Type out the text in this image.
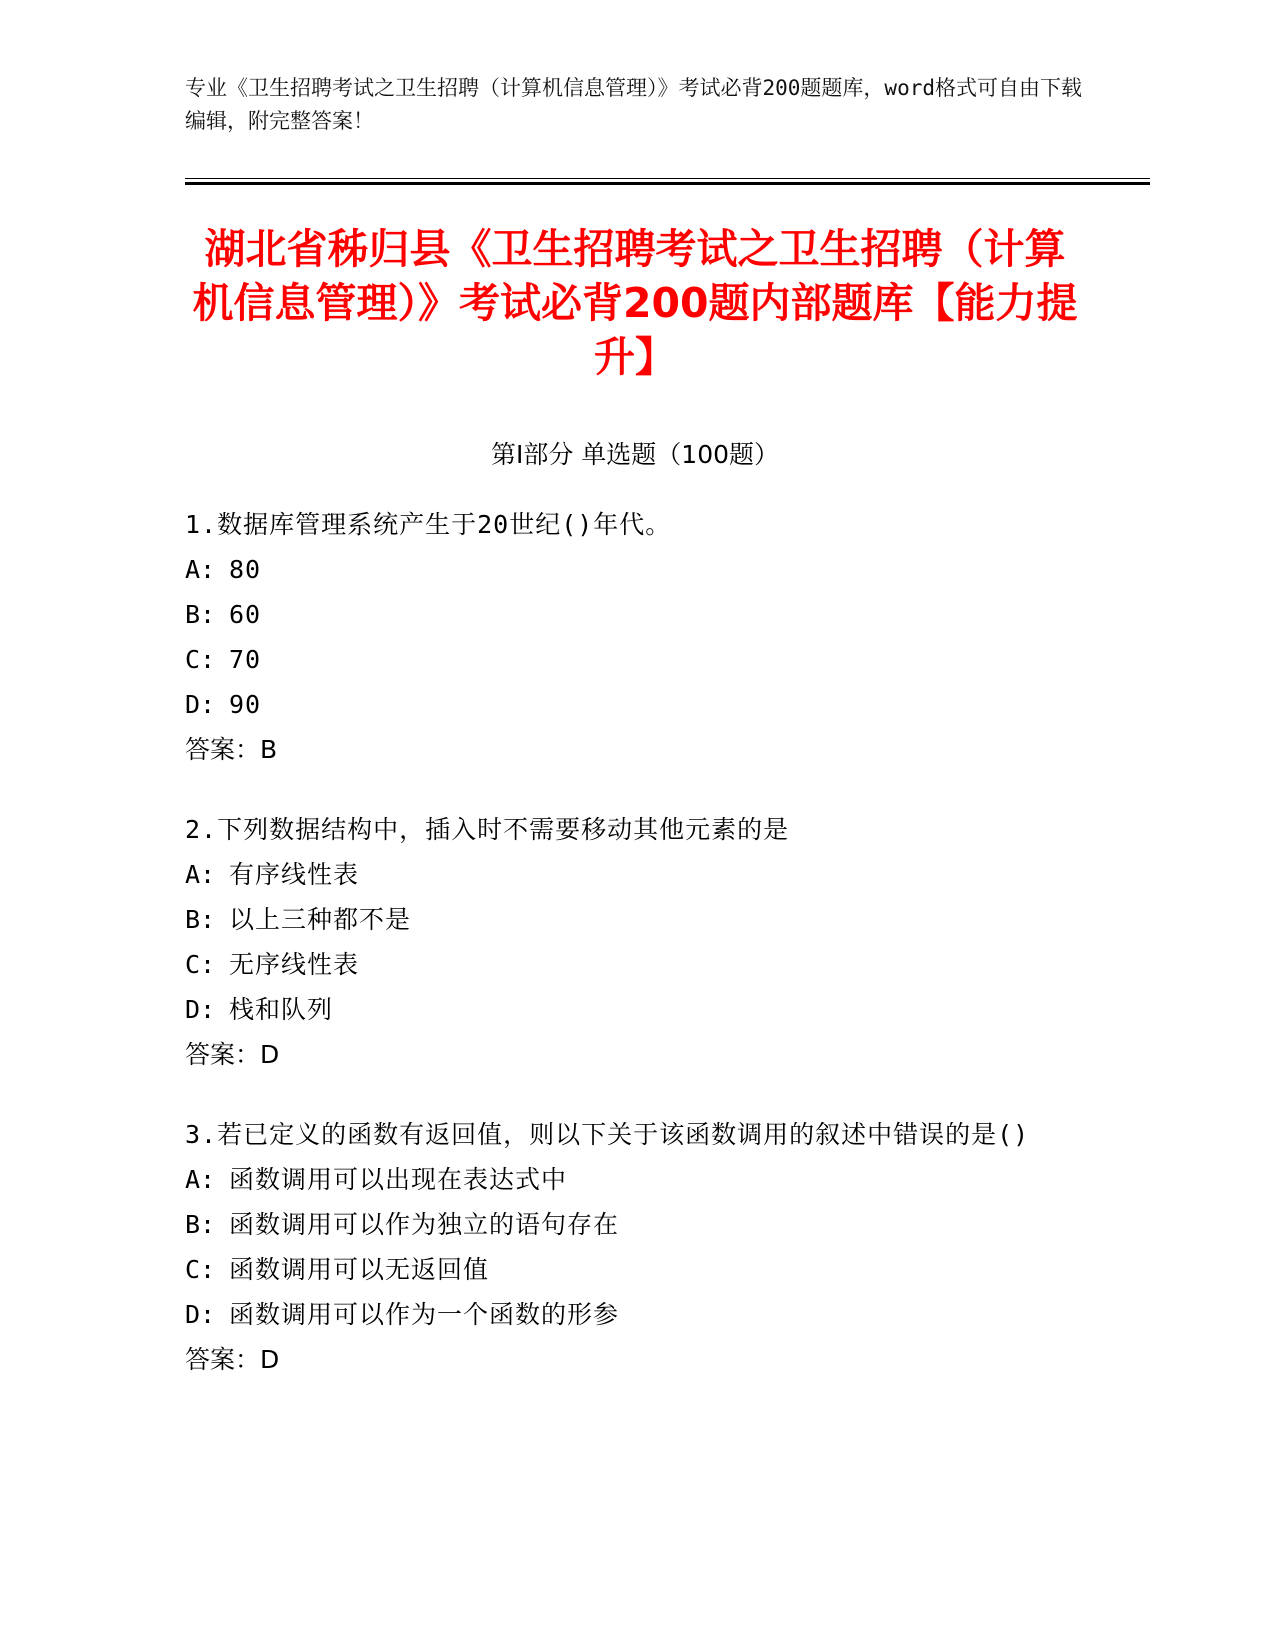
专业《卫生招聘考试之卫生招聘（计算机信息管理）》考试必背200题题库，word格式可自由下载编辑，附完整答案！
湖北省秭归县《卫生招聘考试之卫生招聘（计算机信息管理）》考试必背200题内部题库【能力提升】
第Ⅰ部分 单选题（100题）
1.数据库管理系统产生于20世纪()年代。
A: 80
B: 60
C: 70
D: 90
答案：B
2.下列数据结构中，插入时不需要移动其他元素的是
A: 有序线性表
B: 以上三种都不是
C: 无序线性表
D: 栈和队列
答案：D
3.若已定义的函数有返回值，则以下关于该函数调用的叙述中错误的是()
A: 函数调用可以出现在表达式中
B: 函数调用可以作为独立的语句存在
C: 函数调用可以无返回值
D: 函数调用可以作为一个函数的形参
答案：D
